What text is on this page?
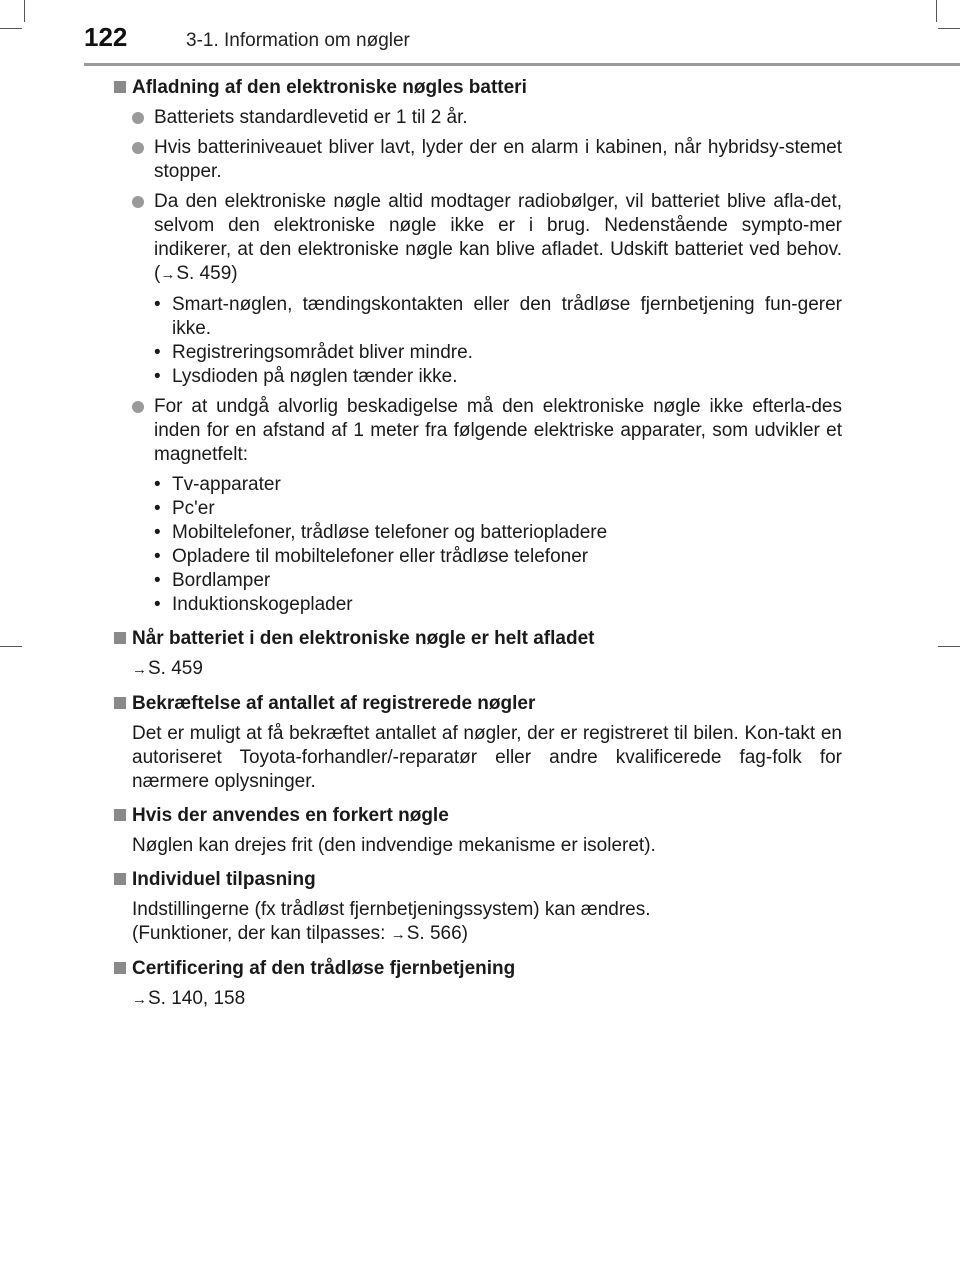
122	3-1. Information om nøgler
Afladning af den elektroniske nøgles batteri
Batteriets standardlevetid er 1 til 2 år.
Hvis batteriniveauet bliver lavt, lyder der en alarm i kabinen, når hybridsy-stemet stopper.
Da den elektroniske nøgle altid modtager radiobølger, vil batteriet blive afla-det, selvom den elektroniske nøgle ikke er i brug. Nedenstående sympto-mer indikerer, at den elektroniske nøgle kan blive afladet. Udskift batteriet ved behov. (→S. 459)
• Smart-nøglen, tændingskontakten eller den trådløse fjernbetjening fun-gerer ikke.
• Registreringsområdet bliver mindre.
• Lysdioden på nøglen tænder ikke.
For at undgå alvorlig beskadigelse må den elektroniske nøgle ikke efterla-des inden for en afstand af 1 meter fra følgende elektriske apparater, som udvikler et magnetfelt:
• Tv-apparater
• Pc'er
• Mobiltelefoner, trådløse telefoner og batteriopladere
• Opladere til mobiltelefoner eller trådløse telefoner
• Bordlamper
• Induktionskogeplader
Når batteriet i den elektroniske nøgle er helt afladet
→S. 459
Bekræftelse af antallet af registrerede nøgler
Det er muligt at få bekræftet antallet af nøgler, der er registreret til bilen. Kon-takt en autoriseret Toyota-forhandler/-reparatør eller andre kvalificerede fag-folk for nærmere oplysninger.
Hvis der anvendes en forkert nøgle
Nøglen kan drejes frit (den indvendige mekanisme er isoleret).
Individuel tilpasning
Indstillingerne (fx trådløst fjernbetjeningssystem) kan ændres.
(Funktioner, der kan tilpasses: →S. 566)
Certificering af den trådløse fjernbetjening
→S. 140, 158
